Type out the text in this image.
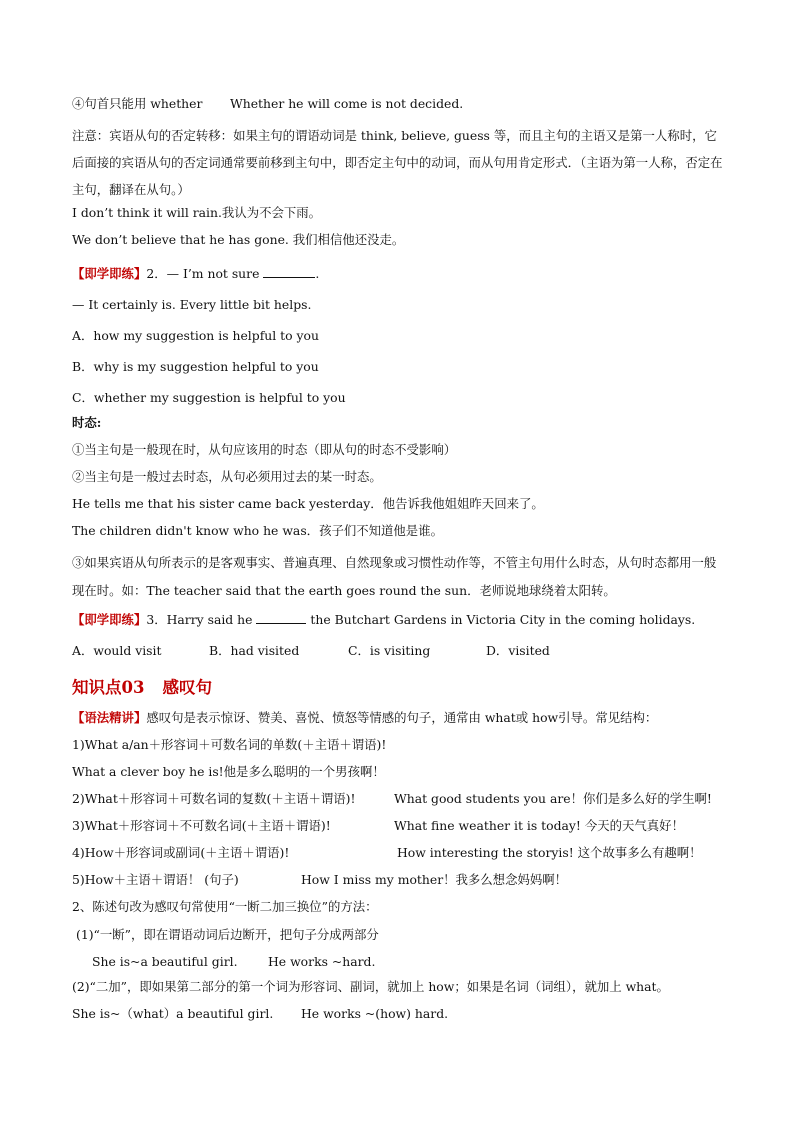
④句首只能用 whether       Whether he will come is not decided.
注意：宾语从句的否定转移：如果主句的谓语动词是 think, believe, guess 等，而且主句的主语又是第一人称时，它后面接的宾语从句的否定词通常要前移到主句中，即否定主句中的动词，而从句用肯定形式．（主语为第一人称，否定在主句，翻译在从句。）
I don’t think it will rain.我认为不会下雨。
We don’t believe that he has gone. 我们相信他还没走。
【即学即练】2．— I’m not sure	.
— It certainly is. Every little bit helps.
A．how my suggestion is helpful to you
B．why is my suggestion helpful to you
C．whether my suggestion is helpful to you
时态:
①当主句是一般现在时，从句应该用的时态（即从句的时态不受影响）
②当主句是一般过去时态，从句必须用过去的某一时态。
He tells me that his sister came back yesterday．他告诉我他姐姐昨天回来了。
The children didn't know who he was．孩子们不知道他是谁。
③如果宾语从句所表示的是客观事实、普遍真理、自然现象或习惯性动作等，不管主句用什么时态，从句时态都用一般现在时。如：The teacher said that the earth goes round the sun．老师说地球绕着太阳转。
【即学即练】3．Harry said he	the Butchart Gardens in Victoria City in the coming holidays.
A．would visit	B．had visited	C．is visiting	D．visited
知识点03 感叹句
【语法精讲】感叹句是表示惊讶、赞美、喜悦、愤怒等情感的句子，通常由 what或 how引导。常见结构：
1)What a/an＋形容词＋可数名词的单数(＋主语＋谓语)!
What a clever boy he is!他是多么聪明的一个男孩啊！
2)What＋形容词＋可数名词的复数(＋主语＋谓语)!	What good students you are！你们是多么好的学生啊!
3)What＋形容词＋不可数名词(＋主语＋谓语)!	What fine weather it is today! 今天的天气真好！
4)How＋形容词或副词(＋主语＋谓语)!	How interesting the storyis! 这个故事多么有趣啊！
5)How＋主语＋谓语！ (句子)	How I miss my mother！我多么想念妈妈啊！
2、陈述句改为感叹句常使用“一断二加三换位”的方法：
(1)“一断”，即在谓语动词后边断开，把句子分成两部分
She is~a beautiful girl. He works ~hard.
(2)“二加”，即如果第二部分的第一个词为形容词、副词，就加上 how；如果是名词（词组），就加上 what。
She is~（what）a beautiful girl. He works ~(how) hard.
